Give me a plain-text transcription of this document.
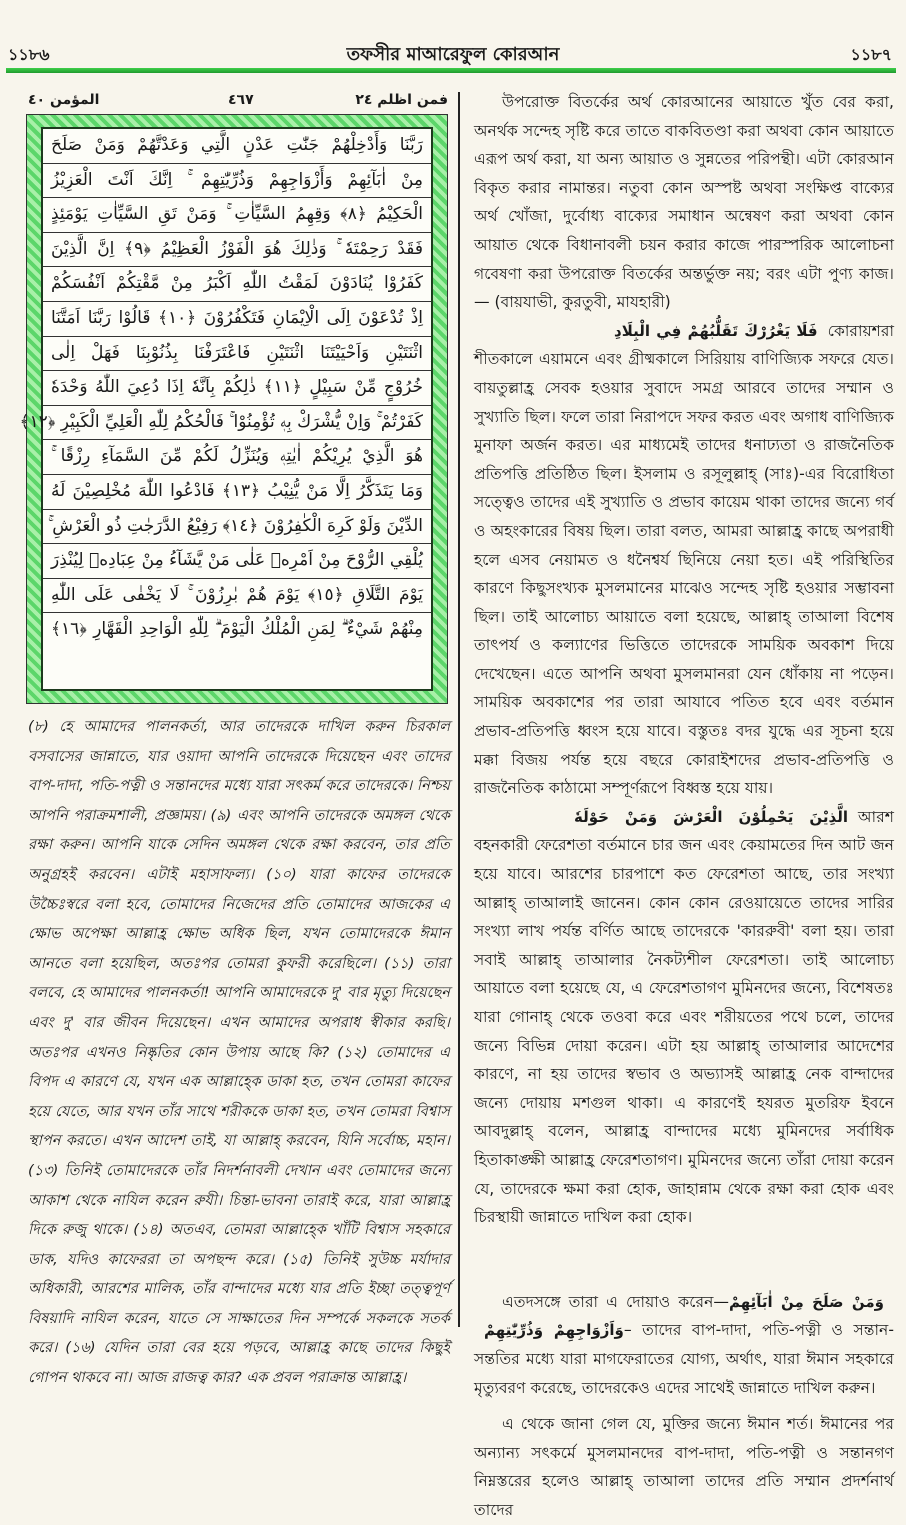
১১৮৬	তফসীর মাআরেফুল কোরআন	১১৮৭
المؤمن ٤٠	٤٦٧	فمن اظلم ٢٤
رَبَّنَا وَأَدْخِلْهُمْ جَنّٰتِ عَدْنٍ الَّتِي وَعَدْتَّهُمْ وَمَنْ صَلَحَ
مِنْ اٰبَآئِهِمْ وَأَزْوَاجِهِمْ وَذُرِّيّٰتِهِمْ ۚ اِنَّكَ اَنْتَ الْعَزِيْزُ
الْحَكِيْمُ ﴿٨﴾ وَقِهِمُ السَّيِّاٰتِ ۚ وَمَنْ تَقِ السَّيِّاٰتِ يَوْمَئِذٍ
فَقَدْ رَحِمْتَهٗ ۚ وَذٰلِكَ هُوَ الْفَوْزُ الْعَظِيْمُ ﴿٩﴾ اِنَّ الَّذِيْنَ
كَفَرُوْا يُنَادَوْنَ لَمَقْتُ اللّٰهِ اَكْبَرُ مِنْ مَّقْتِكُمْ اَنْفُسَكُمْ
اِذْ تُدْعَوْنَ اِلَى الْاِيْمَانِ فَتَكْفُرُوْنَ ﴿١٠﴾ قَالُوْا رَبَّنَا اَمَتَّنَا
اثْنَتَيْنِ وَاَحْيَيْتَنَا اثْنَتَيْنِ فَاعْتَرَفْنَا بِذُنُوْبِنَا فَهَلْ اِلٰى
خُرُوْجٍ مِّنْ سَبِيْلٍ ﴿١١﴾ ذٰلِكُمْ بِاَنَّهٗ اِذَا دُعِيَ اللّٰهُ وَحْدَهٗ
كَفَرْتُمْ ۚ وَاِنْ يُّشْرَكْ بِهٖ تُؤْمِنُوْا ۚ فَالْحُكْمُ لِلّٰهِ الْعَلِيِّ الْكَبِيْرِ ﴿١٢﴾
هُوَ الَّذِيْ يُرِيْكُمْ اٰيٰتِهٖ وَيُنَزِّلُ لَكُمْ مِّنَ السَّمَآءِ رِزْقًا ۚ
وَمَا يَتَذَكَّرُ اِلَّا مَنْ يُّنِيْبُ ﴿١٣﴾ فَادْعُوا اللّٰهَ مُخْلِصِيْنَ لَهُ
الدِّيْنَ وَلَوْ كَرِهَ الْكٰفِرُوْنَ ﴿١٤﴾ رَفِيْعُ الدَّرَجٰتِ ذُو الْعَرْشِ ۚ
يُلْقِي الرُّوْحَ مِنْ اَمْرِهٖ عَلٰى مَنْ يَّشَآءُ مِنْ عِبَادِهٖ لِيُنْذِرَ
يَوْمَ التَّلَاقِ ﴿١٥﴾ يَوْمَ هُمْ بٰرِزُوْنَ ۚ لَا يَخْفٰى عَلَى اللّٰهِ
مِنْهُمْ شَيْءٌ ۗ لِمَنِ الْمُلْكُ الْيَوْمَ ۗ لِلّٰهِ الْوَاحِدِ الْقَهَّارِ ﴿١٦﴾
(৮) হে আমাদের পালনকর্তা, আর তাদেরকে দাখিল করুন চিরকাল বসবাসের জান্নাতে, যার ওয়াদা আপনি তাদেরকে দিয়েছেন এবং তাদের বাপ-দাদা, পতি-পত্নী ও সন্তানদের মধ্যে যারা সৎকর্ম করে তাদেরকে। নিশ্চয় আপনি পরাক্রমশালী, প্রজ্ঞাময়। (৯) এবং আপনি তাদেরকে অমঙ্গল থেকে রক্ষা করুন। আপনি যাকে সেদিন অমঙ্গল থেকে রক্ষা করবেন, তার প্রতি অনুগ্রহই করবেন। এটাই মহাসাফল্য। (১০) যারা কাফের তাদেরকে উচ্চৈঃস্বরে বলা হবে, তোমাদের নিজেদের প্রতি তোমাদের আজকের এ ক্ষোভ অপেক্ষা আল্লাহ্র ক্ষোভ অধিক ছিল, যখন তোমাদেরকে ঈমান আনতে বলা হয়েছিল, অতঃপর তোমরা কুফরী করেছিলে। (১১) তারা বলবে, হে আমাদের পালনকর্তা! আপনি আমাদেরকে দু' বার মৃত্যু দিয়েছেন এবং দু' বার জীবন দিয়েছেন। এখন আমাদের অপরাধ স্বীকার করছি। অতঃপর এখনও নিষ্কৃতির কোন উপায় আছে কি? (১২) তোমাদের এ বিপদ এ কারণে যে, যখন এক আল্লাহ্কে ডাকা হত, তখন তোমরা কাফের হয়ে যেতে, আর যখন তাঁর সাথে শরীককে ডাকা হত, তখন তোমরা বিশ্বাস স্থাপন করতে। এখন আদেশ তাই, যা আল্লাহ্ করবেন, যিনি সর্বোচ্চ, মহান। (১৩) তিনিই তোমাদেরকে তাঁর নিদর্শনাবলী দেখান এবং তোমাদের জন্যে আকাশ থেকে নাযিল করেন রুযী। চিন্তা-ভাবনা তারাই করে, যারা আল্লাহ্র দিকে রুজু থাকে। (১৪) অতএব, তোমরা আল্লাহ্কে খাঁটি বিশ্বাস সহকারে ডাক, যদিও কাফেররা তা অপছন্দ করে। (১৫) তিনিই সুউচ্চ মর্যাদার অধিকারী, আরশের মালিক, তাঁর বান্দাদের মধ্যে যার প্রতি ইচ্ছা তত্ত্বপূর্ণ বিষয়াদি নাযিল করেন, যাতে সে সাক্ষাতের দিন সম্পর্কে সকলকে সতর্ক করে। (১৬) যেদিন তারা বের হয়ে পড়বে, আল্লাহ্র কাছে তাদের কিছুই গোপন থাকবে না। আজ রাজত্ব কার? এক প্রবল পরাক্রান্ত আল্লাহ্র।

উপরোক্ত বিতর্কের অর্থ কোরআনের আয়াতে খুঁত বের করা, অনর্থক সন্দেহ সৃষ্টি করে তাতে বাকবিতণ্ডা করা অথবা কোন আয়াতে এরূপ অর্থ করা, যা অন্য আয়াত ও সুন্নতের পরিপন্থী। এটা কোরআন বিকৃত করার নামান্তর। নতুবা কোন অস্পষ্ট অথবা সংক্ষিপ্ত বাক্যের অর্থ খোঁজা, দুর্বোধ্য বাক্যের সমাধান অন্বেষণ করা অথবা কোন আয়াত থেকে বিধানাবলী চয়ন করার কাজে পারস্পরিক আলোচনা গবেষণা করা উপরোক্ত বিতর্কের অন্তর্ভুক্ত নয়; বরং এটা পুণ্য কাজ।— (বায়যাভী, কুরতুবী, মাযহারী)

فَلَا يَغْرُرْكَ تَقَلُّبُهُمْ فِي الْبِلَادِ কোরায়শরা শীতকালে এয়ামনে এবং গ্রীষ্মকালে সিরিয়ায় বাণিজ্যিক সফরে যেত। বায়তুল্লাহ্র সেবক হওয়ার সুবাদে সমগ্র আরবে তাদের সম্মান ও সুখ্যাতি ছিল। ফলে তারা নিরাপদে সফর করত এবং অগাধ বাণিজ্যিক মুনাফা অর্জন করত। এর মাধ্যমেই তাদের ধনাঢ্যতা ও রাজনৈতিক প্রতিপত্তি প্রতিষ্ঠিত ছিল। ইসলাম ও রসূলুল্লাহ্ (সাঃ)-এর বিরোধিতা সত্ত্বেও তাদের এই সুখ্যাতি ও প্রভাব কায়েম থাকা তাদের জন্যে গর্ব ও অহংকারের বিষয় ছিল। তারা বলত, আমরা আল্লাহ্র কাছে অপরাধী হলে এসব নেয়ামত ও ধনৈশ্বর্য ছিনিয়ে নেয়া হত। এই পরিস্থিতির কারণে কিছুসংখ্যক মুসলমানের মাঝেও সন্দেহ সৃষ্টি হওয়ার সম্ভাবনা ছিল। তাই আলোচ্য আয়াতে বলা হয়েছে, আল্লাহ্ তাআলা বিশেষ তাৎপর্য ও কল্যাণের ভিত্তিতে তাদেরকে সাময়িক অবকাশ দিয়ে দেখেছেন। এতে আপনি অথবা মুসলমানরা যেন ধোঁকায় না পড়েন। সাময়িক অবকাশের পর তারা আযাবে পতিত হবে এবং বর্তমান প্রভাব-প্রতিপত্তি ধ্বংস হয়ে যাবে। বস্তুতঃ বদর যুদ্ধে এর সূচনা হয়ে মক্কা বিজয় পর্যন্ত হয়ে বছরে কোরাইশদের প্রভাব-প্রতিপত্তি ও রাজনৈতিক কাঠামো সম্পূর্ণরূপে বিধ্বস্ত হয়ে যায়।

الَّذِيْنَ يَحْمِلُوْنَ الْعَرْشَ وَمَنْ حَوْلَهٗ আরশ বহনকারী ফেরেশতা বর্তমানে চার জন এবং কেয়ামতের দিন আট জন হয়ে যাবে। আরশের চারপাশে কত ফেরেশতা আছে, তার সংখ্যা আল্লাহ্ তাআলাই জানেন। কোন কোন রেওয়ায়েতে তাদের সারির সংখ্যা লাখ পর্যন্ত বর্ণিত আছে তাদেরকে 'কাররুবী' বলা হয়। তারা সবাই আল্লাহ্ তাআলার নৈকট্যশীল ফেরেশতা। তাই আলোচ্য আয়াতে বলা হয়েছে যে, এ ফেরেশতাগণ মুমিনদের জন্যে, বিশেষতঃ যারা গোনাহ্ থেকে তওবা করে এবং শরীয়তের পথে চলে, তাদের জন্যে বিভিন্ন দোয়া করেন। এটা হয় আল্লাহ্ তাআলার আদেশের কারণে, না হয় তাদের স্বভাব ও অভ্যাসই আল্লাহ্র নেক বান্দাদের জন্যে দোয়ায় মশগুল থাকা। এ কারণেই হযরত মুতরিফ ইবনে আবদুল্লাহ্ বলেন, আল্লাহ্র বান্দাদের মধ্যে মুমিনদের সর্বাধিক হিতাকাঙ্ক্ষী আল্লাহ্র ফেরেশতাগণ। মুমিনদের জন্যে তাঁরা দোয়া করেন যে, তাদেরকে ক্ষমা করা হোক, জাহান্নাম থেকে রক্ষা করা হোক এবং চিরস্থায়ী জান্নাতে দাখিল করা হোক।

এতদসঙ্গে তারা এ দোয়াও করেন—وَمَنْ صَلَحَ مِنْ اٰبَآئِهِمْ وَاَزْوَاجِهِمْ وَذُرِّيّٰتِهِمْ– তাদের বাপ-দাদা, পতি-পত্নী ও সন্তান-সন্ততির মধ্যে যারা মাগফেরাতের যোগ্য, অর্থাৎ, যারা ঈমান সহকারে মৃত্যুবরণ করেছে, তাদেরকেও এদের সাথেই জান্নাতে দাখিল করুন।

এ থেকে জানা গেল যে, মুক্তির জন্যে ঈমান শর্ত। ঈমানের পর অন্যান্য সৎকর্মে মুসলমানদের বাপ-দাদা, পতি-পত্নী ও সন্তানগণ নিম্নস্তরের হলেও আল্লাহ্ তাআলা তাদের প্রতি সম্মান প্রদর্শনার্থ তাদের
